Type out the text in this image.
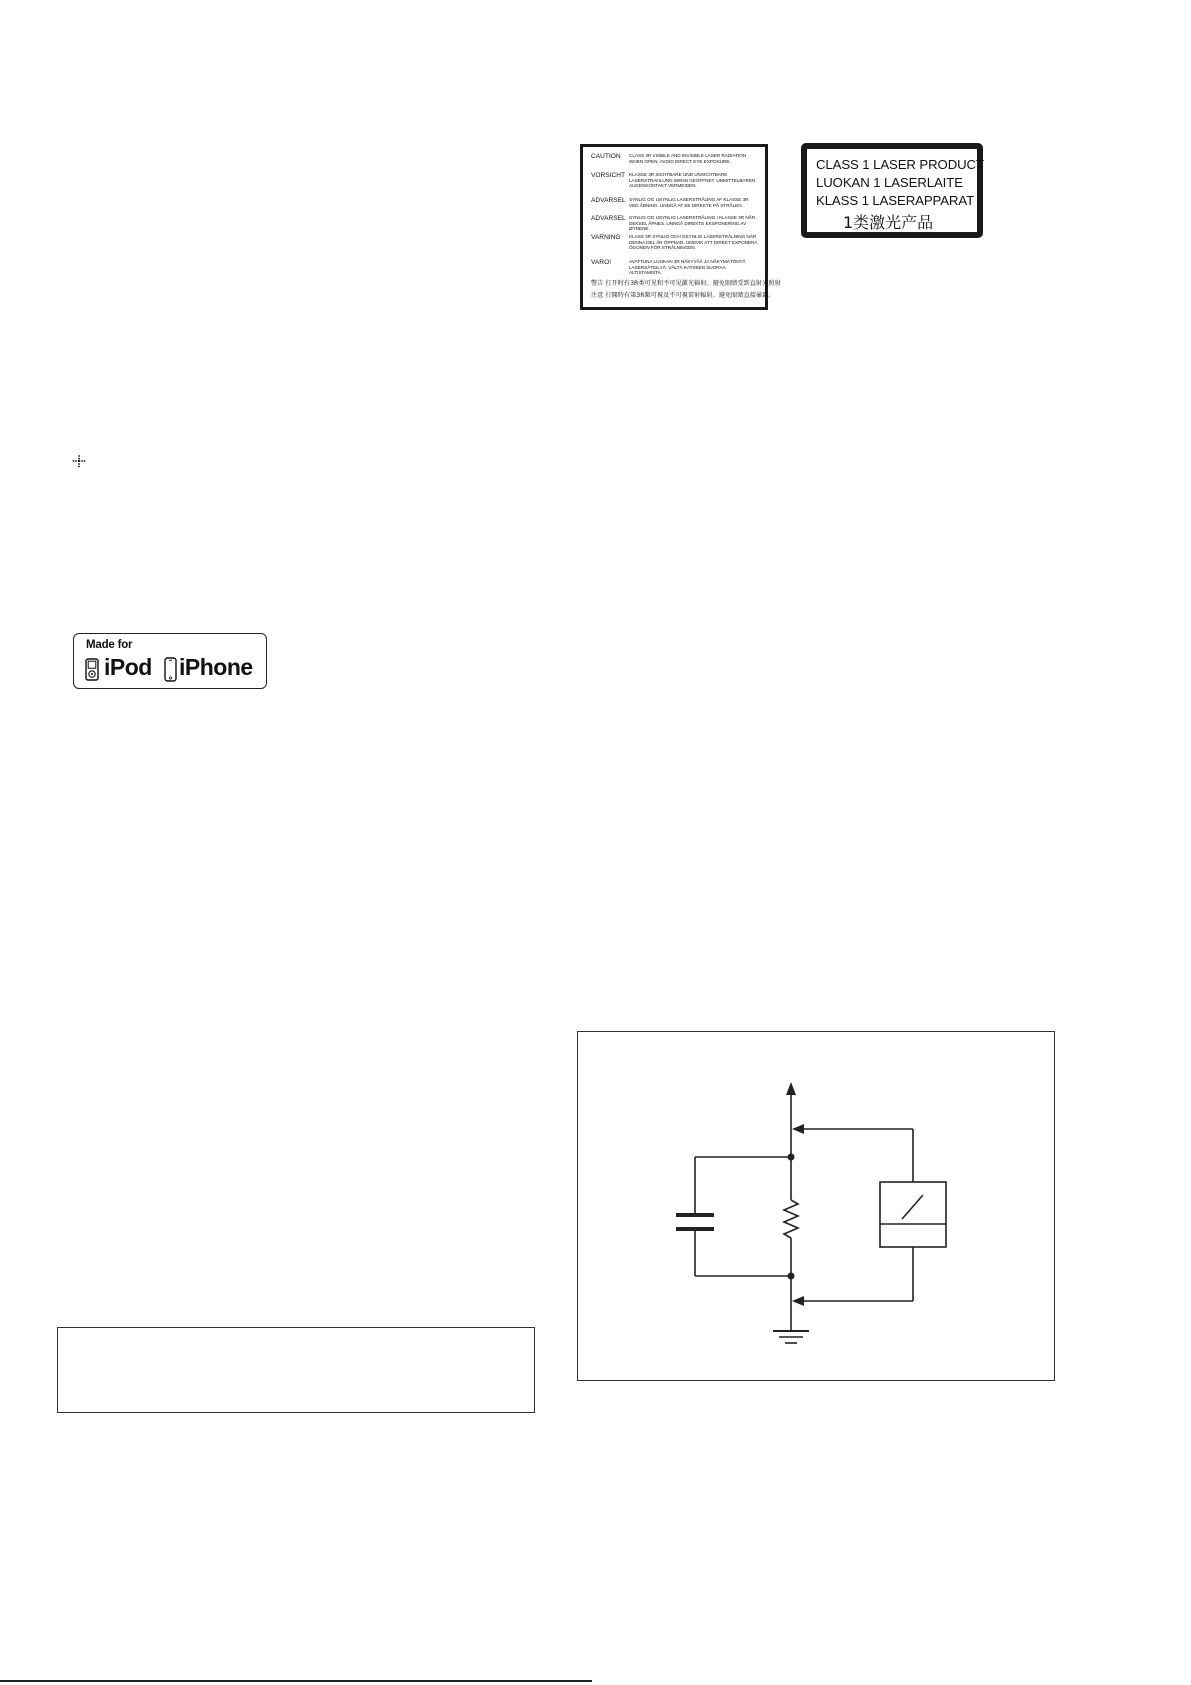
CAUTION	CLASS 3R VISIBLE AND INVISIBLE LASER RADIATION WHEN OPEN. AVOID DIRECT EYE EXPOSURE.
VORSICHT KLASSE 3R SICHTBARE UND UNSICHTBARE LASERSTRAHLUNG WENN GEÖFFNET. UNMITTELBAREN AUGENKONTAKT VERMEIDEN.
ADVARSEL SYNLIG OG USYNLIG LASERSTRÅLING AF KLASSE 3R VED ÅBNING. UNDGÅ AT SE DIREKTE PÅ STRÅLEN.
ADVARSEL SYNLIG OG USYNLIG LASERSTRÅLING I KLASSE 3R NÅR DEKSEL ÅPNES. UNNGÅ DIREKTE EKSPONERING AV ØYNENE.
VARNING	KLASS 3R SYNLIG OCH OSYNLIG LASERSTRÅLNING NÄR DENNA DEL ÄR ÖPPNAD. UNDVIK ATT DIREKT EXPONERA ÖGONEN FÖR STRÅLNINGEN.
VARO!	AVATTUNA LUOKAN 3R NÄKYVÄÄ JA NÄKYMÄTÖNTÄ LASERSÄTEILYÄ. VÄLTÄ KATSEEN SUORAA ALTISTAMISTA.
警告 打开时有3R类可见和不可见激光辐射。避免眼睛受到直射光照射
注意 打開時有第3R類可視及不可視雷射輻射。避免眼睛直接暴露。
CLASS 1 LASER PRODUCT
LUOKAN 1 LASERLAITE
KLASS 1 LASERAPPARAT
1类激光产品
Made for
iPod iPhone
